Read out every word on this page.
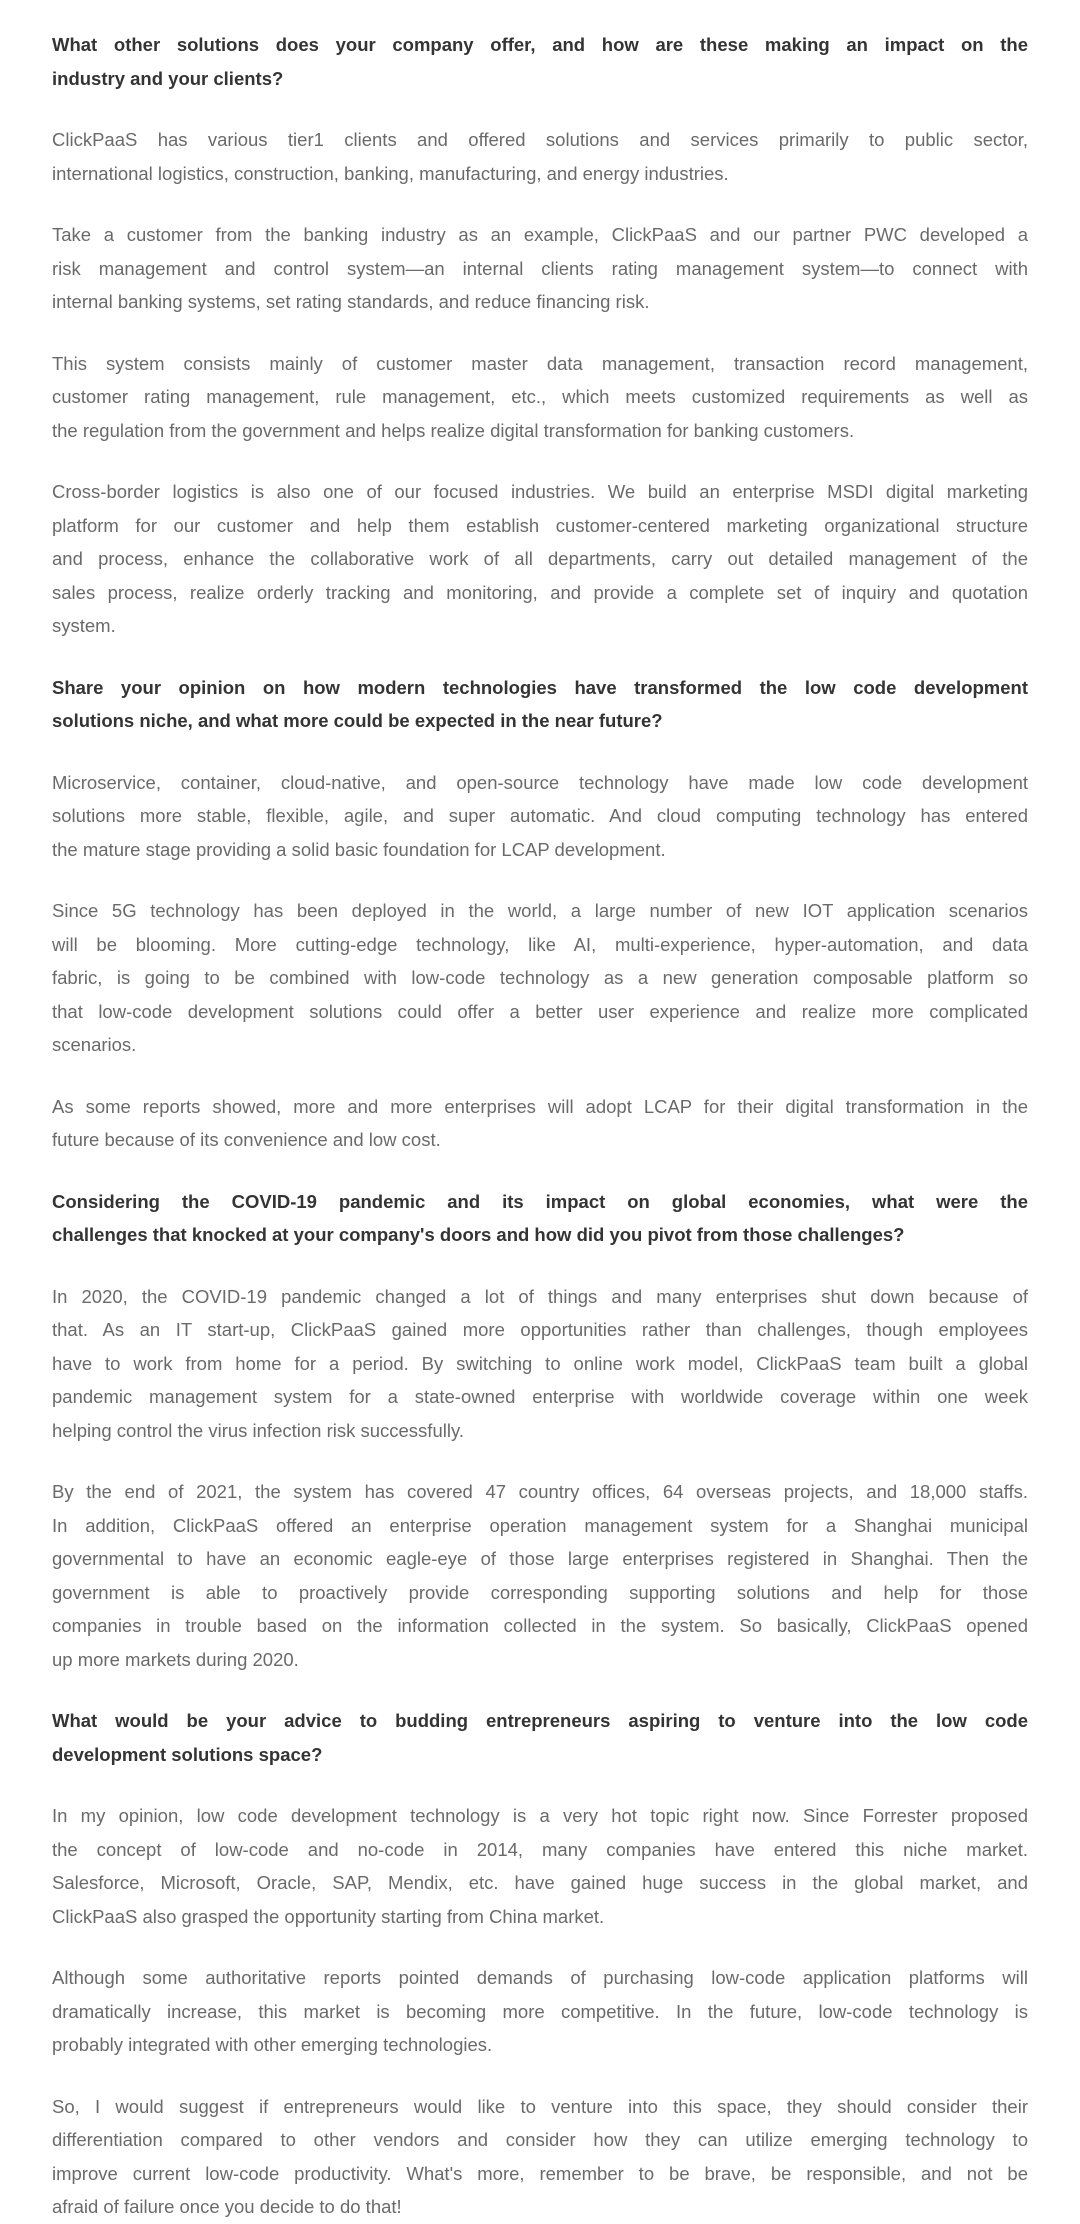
What other solutions does your company offer, and how are these making an impact on the
industry and your clients?
ClickPaaS has various tier1 clients and offered solutions and services primarily to public sector,
international logistics, construction, banking, manufacturing, and energy industries.
Take a customer from the banking industry as an example, ClickPaaS and our partner PWC developed a
risk management and control system—an internal clients rating management system—to connect with
internal banking systems, set rating standards, and reduce financing risk.
This system consists mainly of customer master data management, transaction record management,
customer rating management, rule management, etc., which meets customized requirements as well as
the regulation from the government and helps realize digital transformation for banking customers.
Cross-border logistics is also one of our focused industries. We build an enterprise MSDI digital marketing
platform for our customer and help them establish customer-centered marketing organizational structure
and process, enhance the collaborative work of all departments, carry out detailed management of the
sales process, realize orderly tracking and monitoring, and provide a complete set of inquiry and quotation
system.
Share your opinion on how modern technologies have transformed the low code development
solutions niche, and what more could be expected in the near future?
Microservice, container, cloud-native, and open-source technology have made low code development
solutions more stable, flexible, agile, and super automatic. And cloud computing technology has entered
the mature stage providing a solid basic foundation for LCAP development.
Since 5G technology has been deployed in the world, a large number of new IOT application scenarios
will be blooming. More cutting-edge technology, like AI, multi-experience, hyper-automation, and data
fabric, is going to be combined with low-code technology as a new generation composable platform so
that low-code development solutions could offer a better user experience and realize more complicated
scenarios.
As some reports showed, more and more enterprises will adopt LCAP for their digital transformation in the
future because of its convenience and low cost.
Considering the COVID-19 pandemic and its impact on global economies, what were the
challenges that knocked at your company's doors and how did you pivot from those challenges?
In 2020, the COVID-19 pandemic changed a lot of things and many enterprises shut down because of
that. As an IT start-up, ClickPaaS gained more opportunities rather than challenges, though employees
have to work from home for a period. By switching to online work model, ClickPaaS team built a global
pandemic management system for a state-owned enterprise with worldwide coverage within one week
helping control the virus infection risk successfully.
By the end of 2021, the system has covered 47 country offices, 64 overseas projects, and 18,000 staffs.
In addition, ClickPaaS offered an enterprise operation management system for a Shanghai municipal
governmental to have an economic eagle-eye of those large enterprises registered in Shanghai. Then the
government is able to proactively provide corresponding supporting solutions and help for those
companies in trouble based on the information collected in the system. So basically, ClickPaaS opened
up more markets during 2020.
What would be your advice to budding entrepreneurs aspiring to venture into the low code
development solutions space?
In my opinion, low code development technology is a very hot topic right now. Since Forrester proposed
the concept of low-code and no-code in 2014, many companies have entered this niche market.
Salesforce, Microsoft, Oracle, SAP, Mendix, etc. have gained huge success in the global market, and
ClickPaaS also grasped the opportunity starting from China market.
Although some authoritative reports pointed demands of purchasing low-code application platforms will
dramatically increase, this market is becoming more competitive. In the future, low-code technology is
probably integrated with other emerging technologies.
So, I would suggest if entrepreneurs would like to venture into this space, they should consider their
differentiation compared to other vendors and consider how they can utilize emerging technology to
improve current low-code productivity. What's more, remember to be brave, be responsible, and not be
afraid of failure once you decide to do that!
